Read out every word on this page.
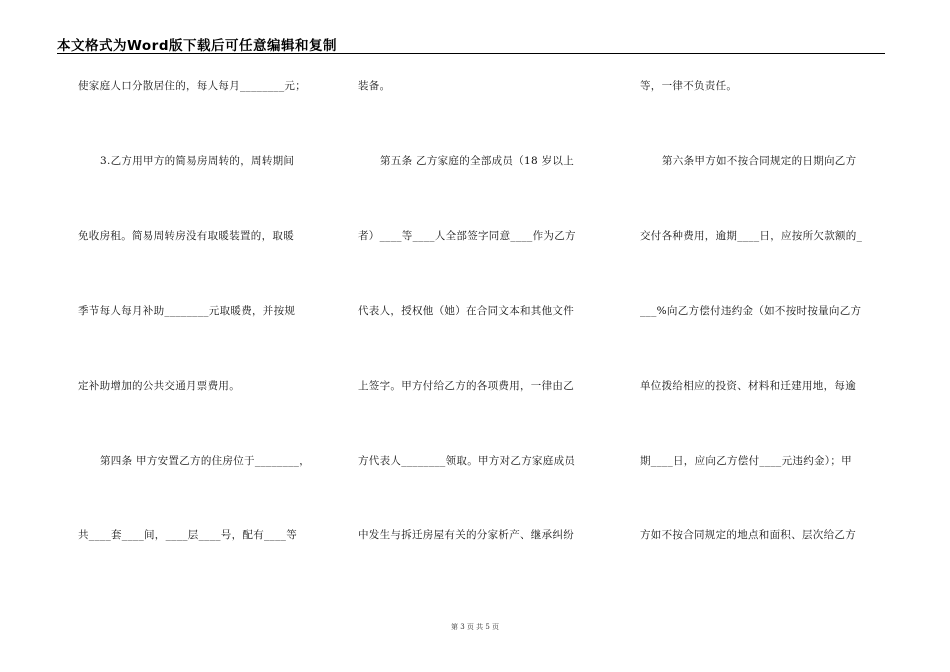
本文格式为Word版下载后可任意编辑和复制
使家庭人口分散居住的，每人每月________元；
3.乙方用甲方的简易房周转的，周转期间
免收房租。简易周转房没有取暖装置的，取暖
季节每人每月补助________元取暖费，并按规
定补助增加的公共交通月票费用。
第四条 甲方安置乙方的住房位于________，
共____套____间，____层____号，配有____等
装备。
第五条 乙方家庭的全部成员（18 岁以上
者）____等____人全部签字同意____作为乙方
代表人，授权他（她）在合同文本和其他文件
上签字。甲方付给乙方的各项费用，一律由乙
方代表人________领取。甲方对乙方家庭成员
中发生与拆迁房屋有关的分家析产、继承纠纷
等，一律不负责任。
第六条甲方如不按合同规定的日期向乙方
交付各种费用，逾期____日，应按所欠款额的_
___%向乙方偿付违约金（如不按时按量向乙方
单位拨给相应的投资、材料和迁建用地，每逾
期____日，应向乙方偿付____元违约金）；甲
方如不按合同规定的地点和面积、层次给乙方
第 3 页 共 5 页
